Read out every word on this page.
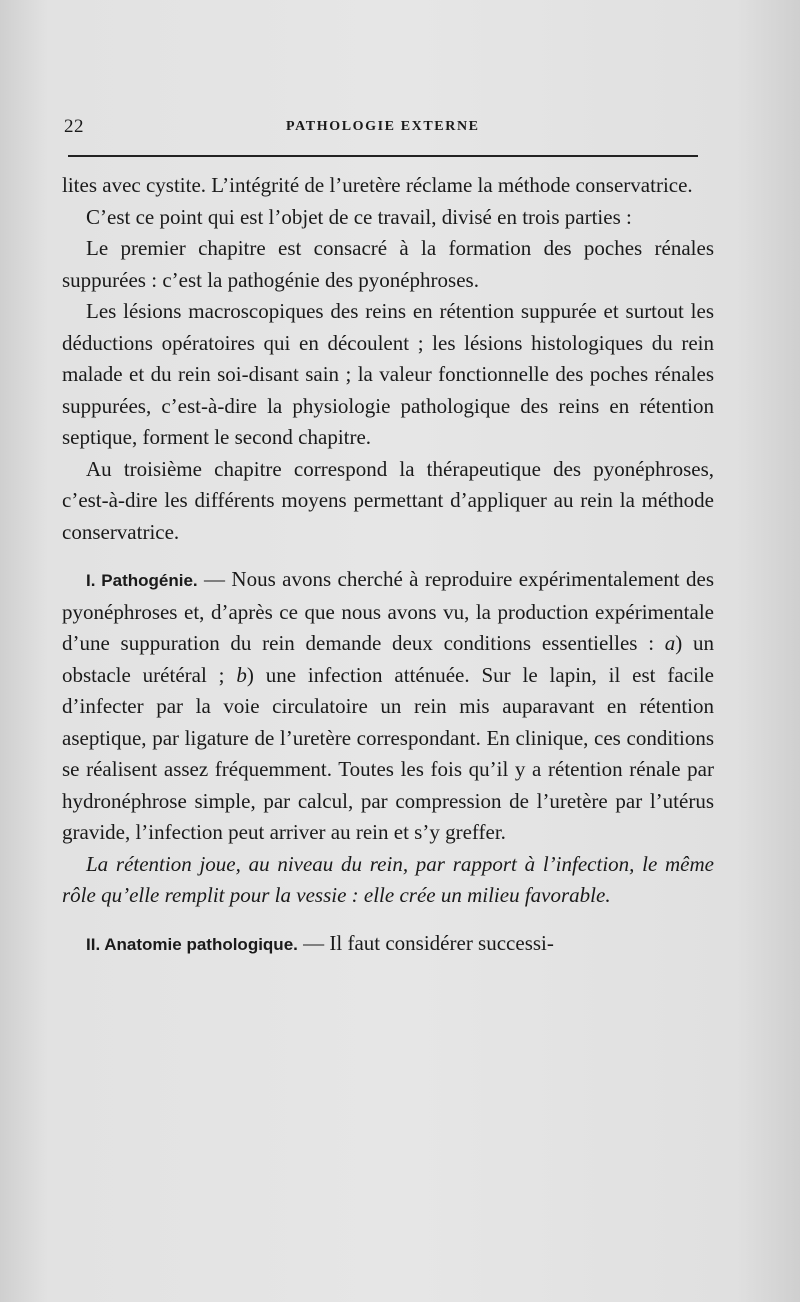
22	PATHOLOGIE EXTERNE

lites avec cystite. L’intégrité de l’uretère réclame la méthode conservatrice.

C’est ce point qui est l’objet de ce travail, divisé en trois parties :

Le premier chapitre est consacré à la formation des poches rénales suppurées : c’est la pathogénie des pyonéphroses.

Les lésions macroscopiques des reins en rétention suppurée et surtout les déductions opératoires qui en découlent ; les lésions histologiques du rein malade et du rein soi-disant sain ; la valeur fonctionnelle des poches rénales suppurées, c’est-à-dire la physiologie pathologique des reins en rétention septique, forment le second chapitre.

Au troisième chapitre correspond la thérapeutique des pyonéphroses, c’est-à-dire les différents moyens permettant d’appliquer au rein la méthode conservatrice.

I. Pathogénie. — Nous avons cherché à reproduire expérimentalement des pyonéphroses et, d’après ce que nous avons vu, la production expérimentale d’une suppuration du rein demande deux conditions essentielles : a) un obstacle urétéral ; b) une infection atténuée. Sur le lapin, il est facile d’infecter par la voie circulatoire un rein mis auparavant en rétention aseptique, par ligature de l’uretère correspondant. En clinique, ces conditions se réalisent assez fréquemment. Toutes les fois qu’il y a rétention rénale par hydronéphrose simple, par calcul, par compression de l’uretère par l’utérus gravide, l’infection peut arriver au rein et s’y greffer.

La rétention joue, au niveau du rein, par rapport à l’infection, le même rôle qu’elle remplit pour la vessie : elle crée un milieu favorable.

II. Anatomie pathologique. — Il faut considérer successi-
